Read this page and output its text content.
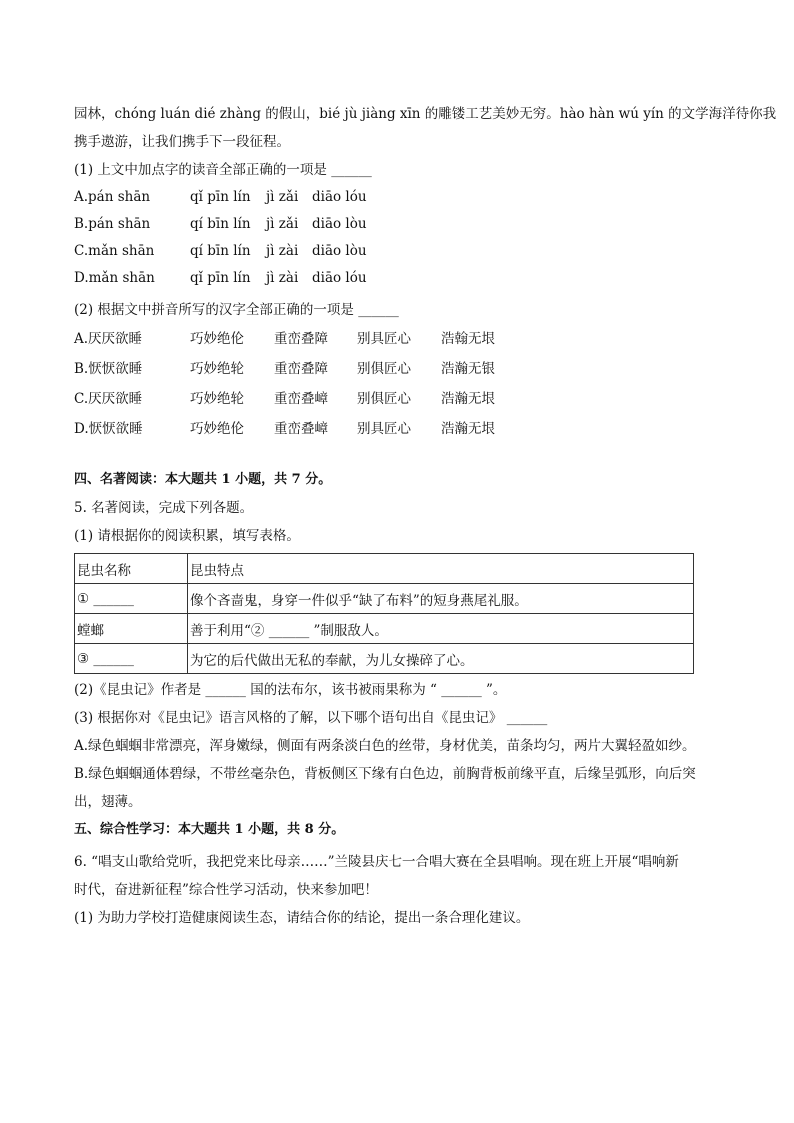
园林，chóng luán dié zhàng 的假山，bié jù jiàng xīn 的雕镂工艺美妙无穷。hào hàn wú yín 的文学海洋待你我

携手遨游，让我们携手下一段征程。

(1) 上文中加点字的读音全部正确的一项是 ______

A.pán shān	qǐ pīn lín jì zǎi diāo lóu
B.pán shān	qí bīn lín jì zǎi diāo lòu
C.mǎn shān	qí bīn lín jì zài diāo lòu
D.mǎn shān	qǐ pīn lín jì zài diāo lóu

(2) 根据文中拼音所写的汉字全部正确的一项是 ______

A.厌厌欲睡	巧妙绝伦 重峦叠障 别具匠心 浩翰无垠
B.恹恹欲睡	巧妙绝轮 重峦叠障 别俱匠心 浩瀚无银
C.厌厌欲睡	巧妙绝轮 重峦叠嶂 别俱匠心 浩瀚无垠
D.恹恹欲睡	巧妙绝伦 重峦叠嶂 别具匠心 浩瀚无垠

四、名著阅读：本大题共 1 小题，共 7 分。

5. 名著阅读，完成下列各题。

(1) 请根据你的阅读积累，填写表格。

昆虫名称	昆虫特点
① ______	像个吝啬鬼，身穿一件似乎“缺了布料”的短身燕尾礼服。
螳螂	善于利用“② ______ ”制服敌人。
③ ______	为它的后代做出无私的奉献，为儿女操碎了心。

(2)《昆虫记》作者是 ______ 国的法布尔，该书被雨果称为 “ ______ ”。

(3) 根据你对《昆虫记》语言风格的了解，以下哪个语句出自《昆虫记》 ______

A.绿色蝈蝈非常漂亮，浑身嫩绿，侧面有两条淡白色的丝带，身材优美，苗条均匀，两片大翼轻盈如纱。

B.绿色蝈蝈通体碧绿，不带丝毫杂色，背板侧区下缘有白色边，前胸背板前缘平直，后缘呈弧形，向后突

出，翅薄。

五、综合性学习：本大题共 1 小题，共 8 分。

6. “唱支山歌给党听，我把党来比母亲……”兰陵县庆七一合唱大赛在全县唱响。现在班上开展“唱响新

时代，奋进新征程”综合性学习活动，快来参加吧！

(1) 为助力学校打造健康阅读生态，请结合你的结论，提出一条合理化建议。
